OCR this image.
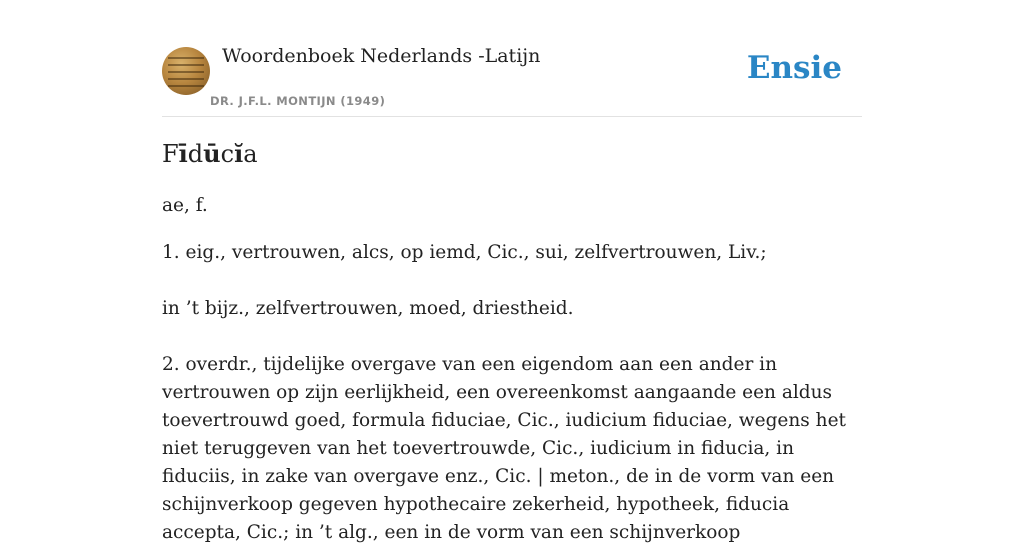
Woordenboek Nederlands -Latijn
DR. J.F.L. MONTIJN (1949)
Ensie
Fīdūcĭa

ae, f.

1. eig., vertrouwen, alcs, op iemd, Cic., sui, zelfvertrouwen, Liv.;

in ’t bijz., zelfvertrouwen, moed, driestheid.

2. overdr., tijdelijke overgave van een eigendom aan een ander in vertrouwen op zijn eerlijkheid, een overeenkomst aangaande een aldus toevertrouwd goed, formula fiduciae, Cic., iudicium fiduciae, wegens het niet teruggeven van het toevertrouwde, Cic., iudicium in fiducia, in fiduciis, in zake van overgave enz., Cic. | meton., de in de vorm van een schijnverkoop gegeven hypothecaire zekerheid, hypotheek, fiducia accepta, Cic.; in ’t alg., een in de vorm van een schijnverkoop
